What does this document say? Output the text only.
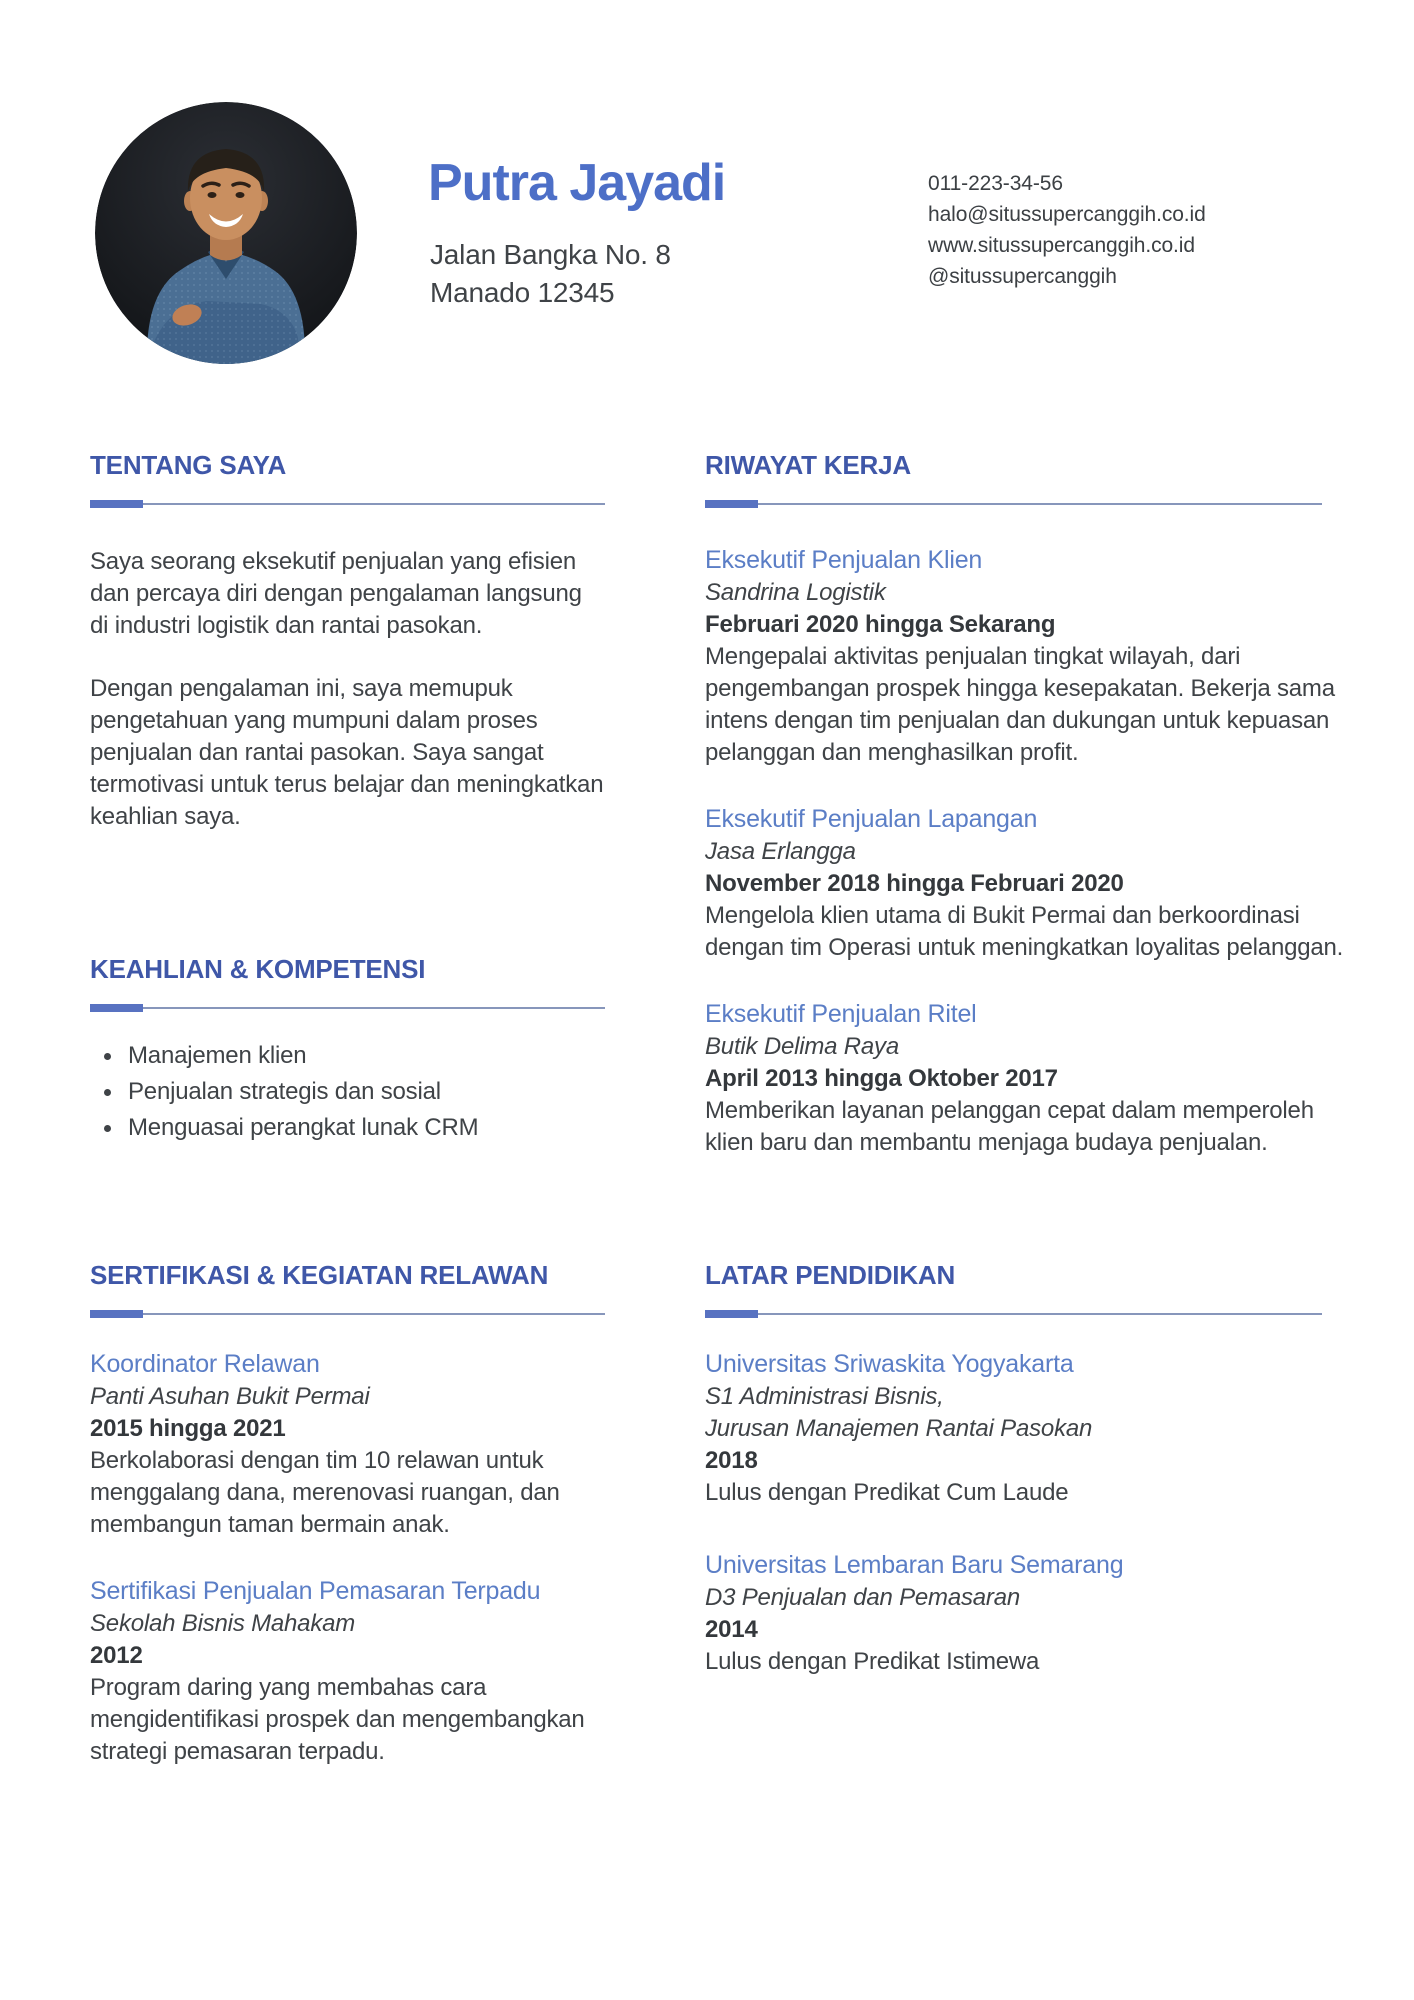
Putra Jayadi
Jalan Bangka No. 8
Manado 12345
011-223-34-56
halo@situssupercanggih.co.id
www.situssupercanggih.co.id
@situssupercanggih
TENTANG SAYA

Saya seorang eksekutif penjualan yang efisien dan percaya diri dengan pengalaman langsung di industri logistik dan rantai pasokan.

Dengan pengalaman ini, saya memupuk pengetahuan yang mumpuni dalam proses penjualan dan rantai pasokan. Saya sangat termotivasi untuk terus belajar dan meningkatkan keahlian saya.

KEAHLIAN & KOMPETENSI
Manajemen klien
Penjualan strategis dan sosial
Menguasai perangkat lunak CRM
SERTIFIKASI & KEGIATAN RELAWAN
Koordinator Relawan
Panti Asuhan Bukit Permai
2015 hingga 2021
Berkolaborasi dengan tim 10 relawan untuk menggalang dana, merenovasi ruangan, dan membangun taman bermain anak.
Sertifikasi Penjualan Pemasaran Terpadu
Sekolah Bisnis Mahakam
2012
Program daring yang membahas cara mengidentifikasi prospek dan mengembangkan strategi pemasaran terpadu.
RIWAYAT KERJA
Eksekutif Penjualan Klien
Sandrina Logistik
Februari 2020 hingga Sekarang
Mengepalai aktivitas penjualan tingkat wilayah, dari pengembangan prospek hingga kesepakatan. Bekerja sama intens dengan tim penjualan dan dukungan untuk kepuasan pelanggan dan menghasilkan profit.
Eksekutif Penjualan Lapangan
Jasa Erlangga
November 2018 hingga Februari 2020
Mengelola klien utama di Bukit Permai dan berkoordinasi dengan tim Operasi untuk meningkatkan loyalitas pelanggan.
Eksekutif Penjualan Ritel
Butik Delima Raya
April 2013 hingga Oktober 2017
Memberikan layanan pelanggan cepat dalam memperoleh klien baru dan membantu menjaga budaya penjualan.
LATAR PENDIDIKAN
Universitas Sriwaskita Yogyakarta
S1 Administrasi Bisnis,
Jurusan Manajemen Rantai Pasokan
2018
Lulus dengan Predikat Cum Laude
Universitas Lembaran Baru Semarang
D3 Penjualan dan Pemasaran
2014
Lulus dengan Predikat Istimewa
